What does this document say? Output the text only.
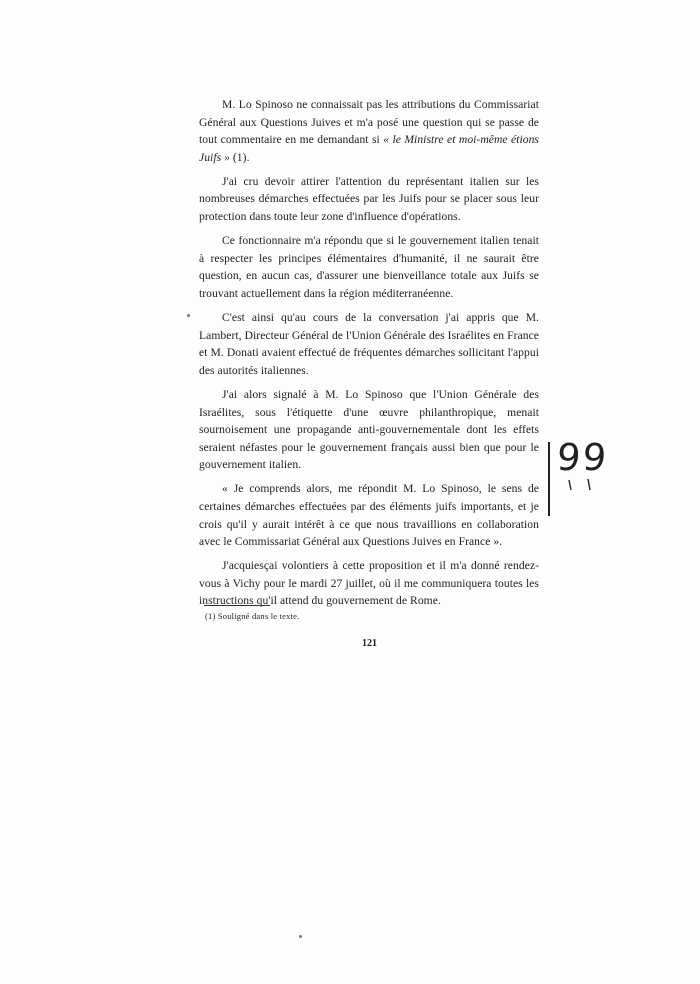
M. Lo Spinoso ne connaissait pas les attributions du Commissariat Général aux Questions Juives et m'a posé une question qui se passe de tout commentaire en me demandant si « le Ministre et moi-même étions Juifs » (1).

J'ai cru devoir attirer l'attention du représentant italien sur les nombreuses démarches effectuées par les Juifs pour se placer sous leur protection dans toute leur zone d'influence d'opérations.

Ce fonctionnaire m'a répondu que si le gouvernement italien tenait à respecter les principes élémentaires d'humanité, il ne saurait être question, en aucun cas, d'assurer une bienveillance totale aux Juifs se trouvant actuellement dans la région méditerranéenne.

C'est ainsi qu'au cours de la conversation j'ai appris que M. Lambert, Directeur Général de l'Union Générale des Israélites en France et M. Donati avaient effectué de fréquentes démarches sollicitant l'appui des autorités italiennes.

J'ai alors signalé à M. Lo Spinoso que l'Union Générale des Israélites, sous l'étiquette d'une œuvre philanthropique, menait sournoisement une propagande anti-gouvernementale dont les effets seraient néfastes pour le gouvernement français aussi bien que pour le gouvernement italien.

« Je comprends alors, me répondit M. Lo Spinoso, le sens de certaines démarches effectuées par des éléments juifs importants, et je crois qu'il y aurait intérêt à ce que nous travaillions en collaboration avec le Commissariat Général aux Questions Juives en France ».

J'acquiesçai volontiers à cette proposition et il m'a donné rendez-vous à Vichy pour le mardi 27 juillet, où il me communiquera toutes les instructions qu'il attend du gouvernement de Rome.

(1) Souligné dans le texte.
121
99
